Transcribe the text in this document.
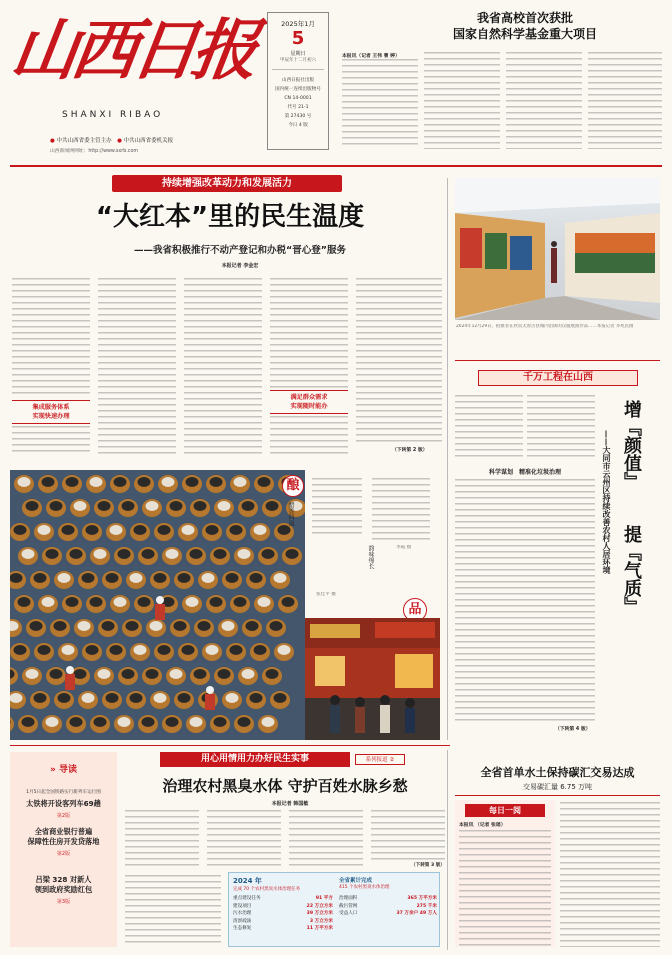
山西日报
SHANXI RIBAO
● 中共山西省委主管主办　 ● 中共山西省委机关报
山西新闻网网址：http://www.sxrb.com
2025年1月
5
星期日
甲辰年十二月初六
山西日报社出版
国内统一连续出版物号
CN 14-0001
代号 21-1
第 27430 号
今日 4 版
我省高校首次获批
国家自然科学基金重大项目
本报讯（记者 王伟 曹 婷）
持续增强改革动力和发展活力
“大红本”里的民生温度
——我省积极推行不动产登记和办税“晋心登”服务
本报记者 李金宏
集成服务体系
实现快速办理
满足群众需求
实现随时能办
（下转第 2 版）
2024年12月29日，拍摄者在欣赏太原古县城内沿街的汉服展演作品……本报记者 李兆民摄
千万工程在山西
增『颜值』
提『气质』
——大同市云州区持续改善农村人居环境
科学谋划　精准化垃圾治理
（下转第 4 版）
酿
醋香四溢
韵味绵长
张佳平 摄
李霞 摄
品
» 导读
1月5日起全国铁路实行新列车运行图
太铁将开设客列车69趟
第2版
全省商业银行普遍
保障性住房开发贷落地
第2版
吕梁 328 对新人
领到政府奖励红包
第3版
用心用情用力办好民生实事	系列报道 ②
治理农村黑臭水体 守护百姓水脉乡愁
本报记者 韩国敏
（下转第 3 版）
2024 年
完成 70 个农村黑臭水体治理任务
重点建设任务	91 平方
建设项目	22 万立方米
污水治理	39 万立方米
清淤疏浚	3 万立方米
生态修复	11 万平方米
全省累计完成
415 个农村黑臭水体治理
治理面积	365 万平方米
截污管网	275 千米
受益人口	37 万余户 49 万人
全省首单水土保持碳汇交易达成
交易碳汇量 6.75 万吨
每日一阅
本报讯 （记者 张瑶）
